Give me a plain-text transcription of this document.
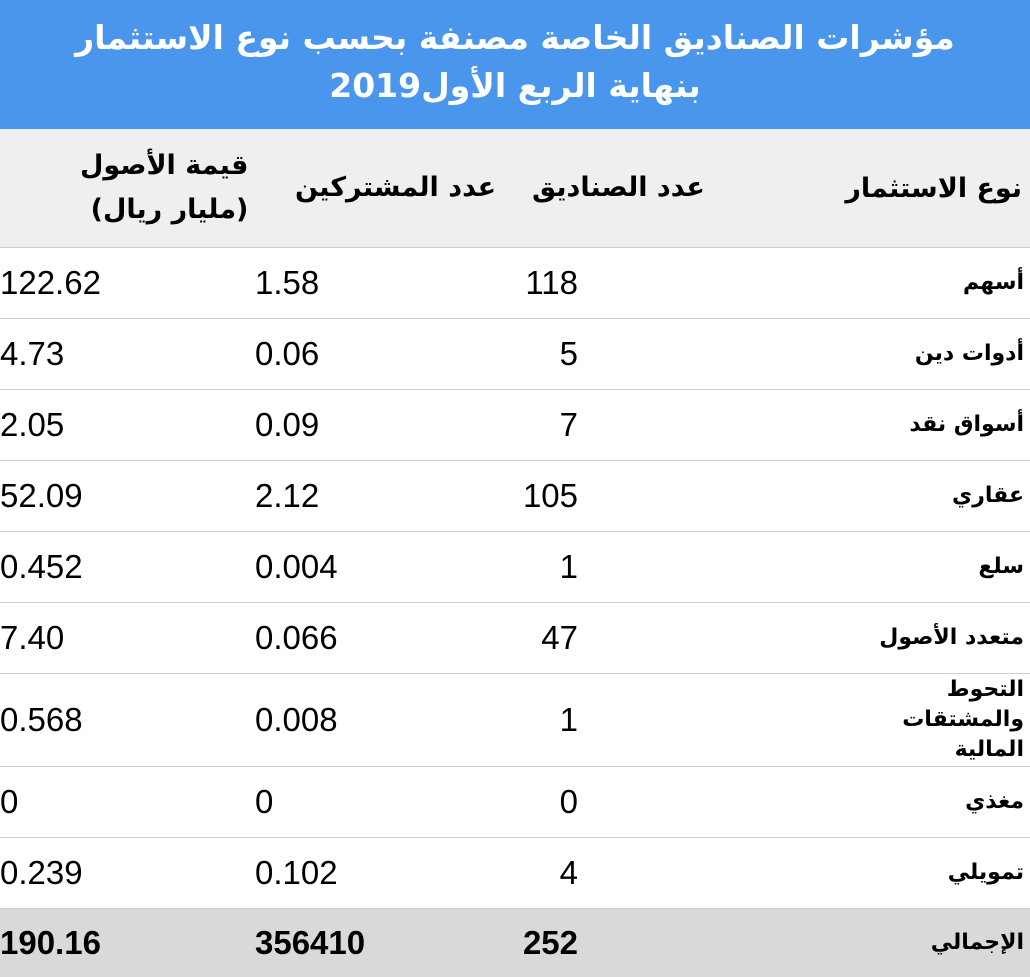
مؤشرات الصناديق الخاصة مصنفة بحسب نوع الاستثمار
بنهاية الربع الأول2019
نوع الاستثمار	عدد الصناديق	عدد المشتركين	قيمة الأصول
(مليار ريال)
أسهم	118	1.58	122.62
أدوات دين	5	0.06	4.73
أسواق نقد	7	0.09	2.05
عقاري	105	2.12	52.09
سلع	1	0.004	0.452
متعدد الأصول	47	0.066	7.40
التحوط والمشتقات
المالية	1	0.008	0.568
مغذي	0	0	0
تمويلي	4	0.102	0.239
الإجمالي	252	356410	190.16
